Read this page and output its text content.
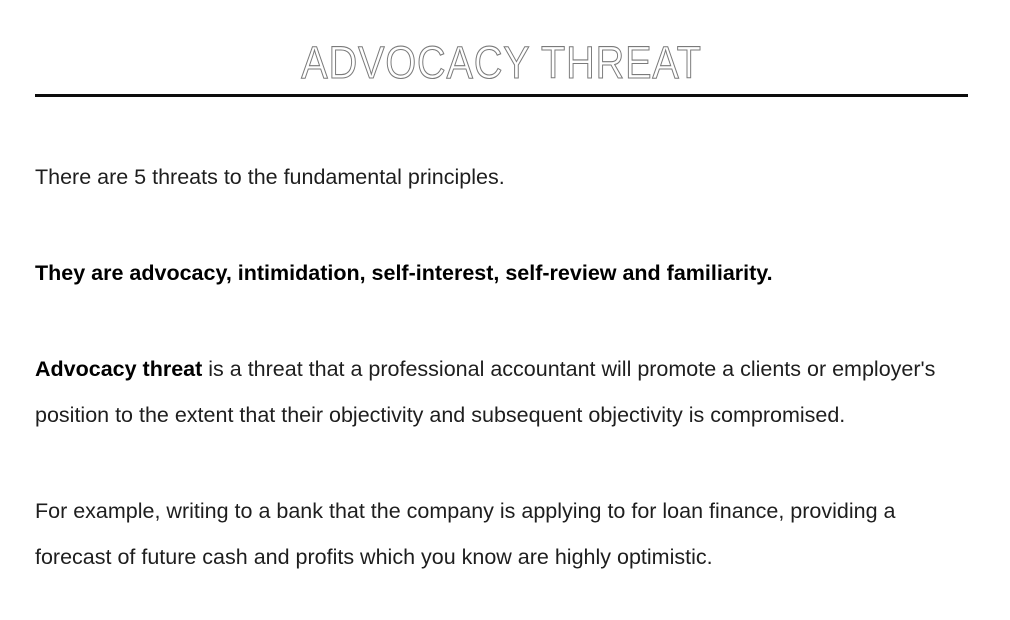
ADVOCACY THREAT
There are 5 threats to the fundamental principles.
They are advocacy, intimidation, self-interest, self-review and familiarity.
Advocacy threat is a threat that a professional accountant will promote a clients or employer's
position to the extent that their objectivity and subsequent objectivity is compromised.
For example, writing to a bank that the company is applying to for loan finance, providing a
forecast of future cash and profits which you know are highly optimistic.
